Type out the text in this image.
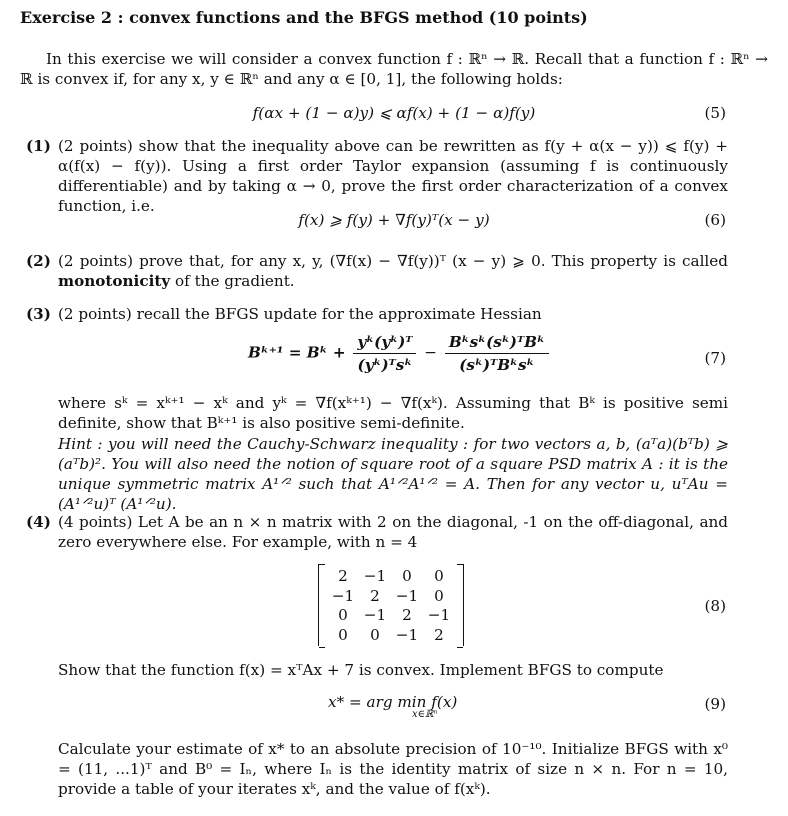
Exercise 2 : convex functions and the BFGS method (10 points)
In this exercise we will consider a convex function f : ℝⁿ → ℝ. Recall that a function f : ℝⁿ → ℝ is convex if, for any x, y ∈ ℝⁿ and any α ∈ [0, 1], the following holds:
f(αx + (1 − α)y) ⩽ αf(x) + (1 − α)f(y)	(5)
(1) (2 points) show that the inequality above can be rewritten as f(y + α(x − y)) ⩽ f(y) + α(f(x) − f(y)). Using a first order Taylor expansion (assuming f is continuously differentiable) and by taking α → 0, prove the first order characterization of a convex function, i.e.
f(x) ⩾ f(y) + ∇f(y)ᵀ(x − y)	(6)
(2) (2 points) prove that, for any x, y, (∇f(x) − ∇f(y))ᵀ (x − y) ⩾ 0. This property is called monotonicity of the gradient.
(3) (2 points) recall the BFGS update for the approximate Hessian
Bᵏ⁺¹ = Bᵏ + $\frac{\text{yᵏ(yᵏ)ᵀ}}{\text{(yᵏ)ᵀsᵏ}} - \frac{\text{Bᵏsᵏ(sᵏ)ᵀBᵏ}}{\text{(sᵏ)ᵀBᵏsᵏ}}$	(7)
where sᵏ = xᵏ⁺¹ − xᵏ and yᵏ = ∇f(xᵏ⁺¹) − ∇f(xᵏ). Assuming that Bᵏ is positive semi definite, show that Bᵏ⁺¹ is also positive semi-definite.
Hint : you will need the Cauchy-Schwarz inequality : for two vectors a, b, (aᵀa)(bᵀb) ⩾ (aᵀb)². You will also need the notion of square root of a square PSD matrix A : it is the unique symmetric matrix A¹ᐟ² such that A¹ᐟ²A¹ᐟ² = A. Then for any vector u, uᵀAu = (A¹ᐟ²u)ᵀ (A¹ᐟ²u).
(4) (4 points) Let A be an n × n matrix with 2 on the diagonal, -1 on the off-diagonal, and zero everywhere else. For example, with n = 4
2	−1	0	0
−1	2	−1	0
0	−1	2	−1
0	0	−1	2
(8)
Show that the function f(x) = xᵀAx + 7 is convex. Implement BFGS to compute
x* = arg min f(x)
x∈ℝⁿ
(9)
Calculate your estimate of x* to an absolute precision of 10⁻¹⁰. Initialize BFGS with x⁰ = (11, ...1)ᵀ and B⁰ = Iₙ, where Iₙ is the identity matrix of size n × n. For n = 10, provide a table of your iterates xᵏ, and the value of f(xᵏ).
